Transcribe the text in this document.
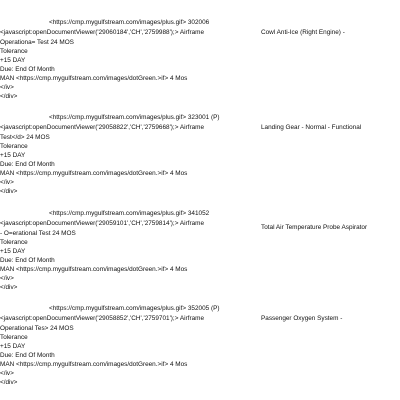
<https://cmp.mygulfstream.com/images/plus.gif> 302006
<javascript:openDocumentViewer('29060184','CH','2759988');> Airframe
Operationa= Test 24 MOS
Tolerance
+15 DAY
Due: End Of Month
MAN <https://cmp.mygulfstream.com/images/dotGreen.>if> 4 Mos
</iv>
</div>
Cowl Anti-Ice (Right Engine) -
<https://cmp.mygulfstream.com/images/plus.gif> 323001 (P)
<javascript:openDocumentViewer('29058822','CH','2759668');> Airframe
Test</d> 24 MOS
Tolerance
+15 DAY
Due: End Of Month
MAN <https://cmp.mygulfstream.com/images/dotGreen.>if> 4 Mos
</iv>
</div>
Landing Gear - Normal - Functional
<https://cmp.mygulfstream.com/images/plus.gif> 341052
<javascript:openDocumentViewer('29059101','CH','2759814');> Airframe
- O=erational Test 24 MOS
Tolerance
+15 DAY
Due: End Of Month
MAN <https://cmp.mygulfstream.com/images/dotGreen.>if> 4 Mos
</iv>
</div>
Total Air Temperature Probe Aspirator
<https://cmp.mygulfstream.com/images/plus.gif> 352005 (P)
<javascript:openDocumentViewer('29058852','CH','2759701');> Airframe
Operational Tes> 24 MOS
Tolerance
+15 DAY
Due: End Of Month
MAN <https://cmp.mygulfstream.com/images/dotGreen.>if> 4 Mos
</iv>
</div>
Passenger Oxygen System -
